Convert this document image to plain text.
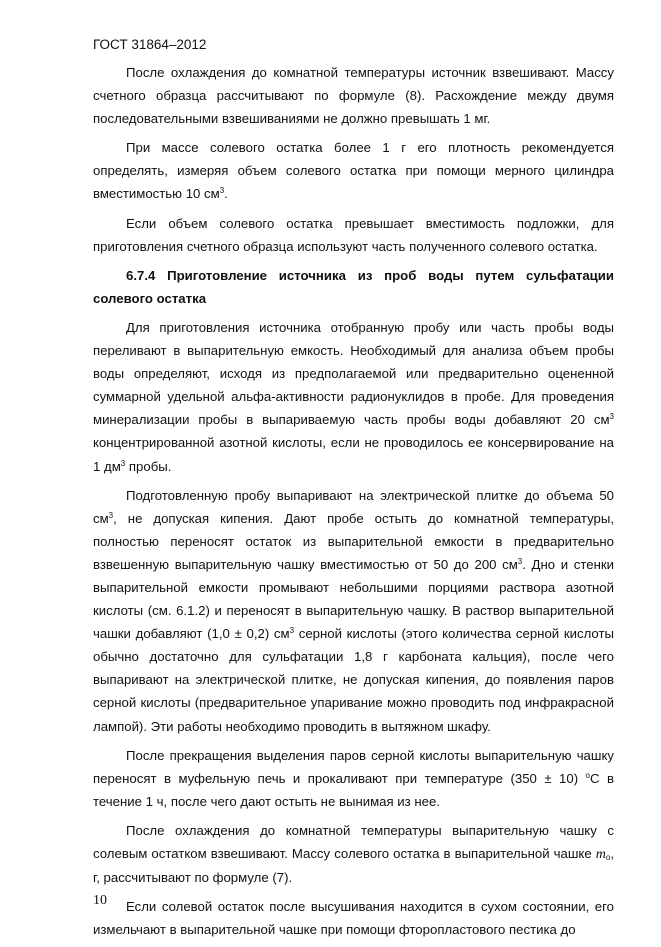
ГОСТ 31864–2012

После охлаждения до комнатной температуры источник взвешивают. Массу счетного образца рассчитывают по формуле (8). Расхождение между двумя последовательными взвешиваниями не должно превышать 1 мг.

При массе солевого остатка более 1 г его плотность рекомендуется определять, измеряя объем солевого остатка при помощи мерного цилиндра вместимостью 10 $см^3$.

Если объем солевого остатка превышает вместимость подложки, для приготовления счетного образца используют часть полученного солевого остатка.

6.7.4 Приготовление источника из проб воды путем сульфатации солевого остатка

Для приготовления источника отобранную пробу или часть пробы воды переливают в выпарительную емкость. Необходимый для анализа объем пробы воды определяют, исходя из предполагаемой или предварительно оцененной суммарной удельной альфа-активности радионуклидов в пробе. Для проведения минерализации пробы в выпариваемую часть пробы воды добавляют 20 $см^3$ концентрированной азотной кислоты, если не проводилось ее консервирование на 1 $дм^3$ пробы.

Подготовленную пробу выпаривают на электрической плитке до объема 50 $см^3$, не допуская кипения. Дают пробе остыть до комнатной температуры, полностью переносят остаток из выпарительной емкости в предварительно взвешенную выпарительную чашку вместимостью от 50 до 200 $см^3$. Дно и стенки выпарительной емкости промывают небольшими порциями раствора азотной кислоты (см. 6.1.2) и переносят в выпарительную чашку. В раствор выпарительной чашки добавляют (1,0 ± 0,2) $см^3$ серной кислоты (этого количества серной кислоты обычно достаточно для сульфатации 1,8 г карбоната кальция), после чего выпаривают на электрической плитке, не допуская кипения, до появления паров серной кислоты (предварительное упаривание можно проводить под инфракрасной лампой). Эти работы необходимо проводить в вытяжном шкафу.

После прекращения выделения паров серной кислоты выпарительную чашку переносят в муфельную печь и прокаливают при температуре (350 ± 10) $^o$С в течение 1 ч, после чего дают остыть не вынимая из нее.

После охлаждения до комнатной температуры выпарительную чашку с солевым остатком взвешивают. Массу солевого остатка в выпарительной чашке $m_o$, г, рассчитывают по формуле (7).

Если солевой остаток после высушивания находится в сухом состоянии, его измельчают в выпарительной чашке при помощи фторопластового пестика до

10
